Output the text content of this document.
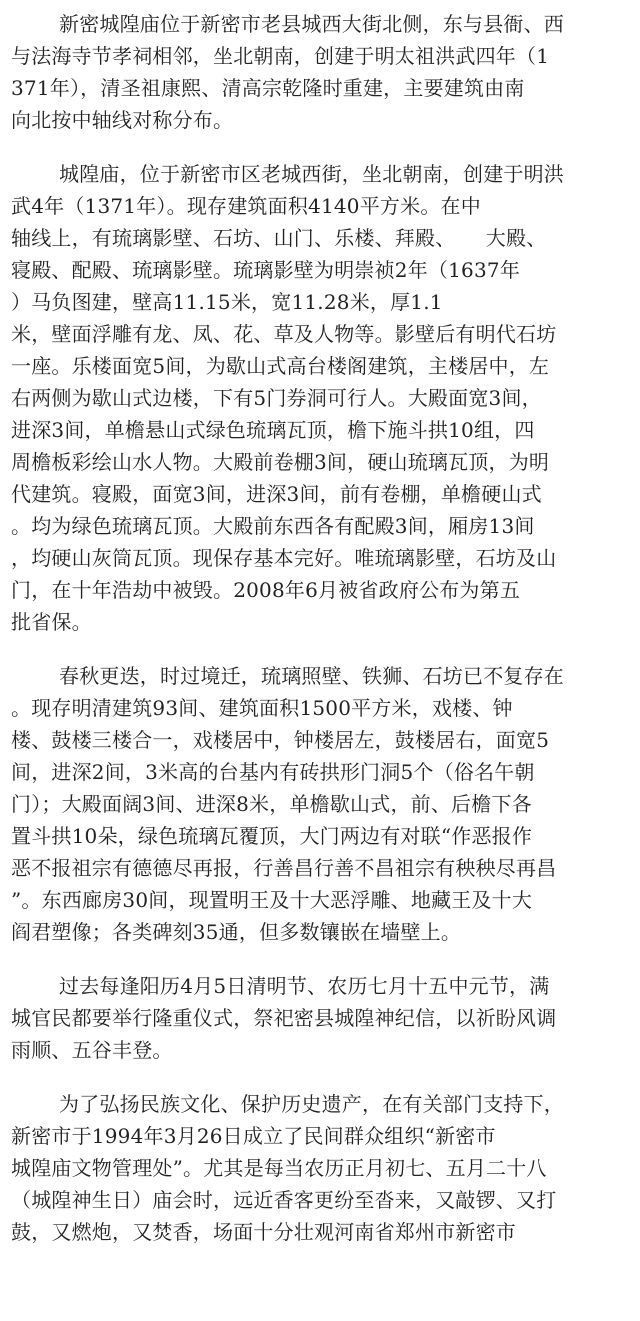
新密城隍庙位于新密市老县城西大街北侧，东与县衙、西
与法海寺节孝祠相邻，坐北朝南，创建于明太祖洪武四年（1
371年），清圣祖康熙、清高宗乾隆时重建，主要建筑由南
向北按中轴线对称分布。
城隍庙，位于新密市区老城西街，坐北朝南，创建于明洪
武4年（1371年）。现存建筑面积4140平方米。在中
轴线上，有琉璃影壁、石坊、山门、乐楼、拜殿、　　大殿、
寝殿、配殿、琉璃影壁。琉璃影壁为明崇祯2年（1637年
）马负图建，壁高11.15米，宽11.28米，厚1.1
米，壁面浮雕有龙、凤、花、草及人物等。影壁后有明代石坊
一座。乐楼面宽5间，为歇山式高台楼阁建筑，主楼居中，左
右两侧为歇山式边楼，下有5门券洞可行人。大殿面宽3间，
进深3间，单檐悬山式绿色琉璃瓦顶，檐下施斗拱10组，四
周檐板彩绘山水人物。大殿前卷棚3间，硬山琉璃瓦顶，为明
代建筑。寝殿，面宽3间，进深3间，前有卷棚，单檐硬山式
。均为绿色琉璃瓦顶。大殿前东西各有配殿3间，厢房13间
，均硬山灰筒瓦顶。现保存基本完好。唯琉璃影壁，石坊及山
门，在十年浩劫中被毁。2008年6月被省政府公布为第五
批省保。
春秋更迭，时过境迁，琉璃照壁、铁狮、石坊已不复存在
。现存明清建筑93间、建筑面积1500平方米，戏楼、钟
楼、鼓楼三楼合一，戏楼居中，钟楼居左，鼓楼居右，面宽5
间，进深2间，3米高的台基内有砖拱形门洞5个（俗名午朝
门）；大殿面阔3间、进深8米，单檐歇山式，前、后檐下各
置斗拱10朵，绿色琉璃瓦覆顶，大门两边有对联“作恶报作
恶不报祖宗有德德尽再报，行善昌行善不昌祖宗有秧秧尽再昌
”。东西廊房30间，现置明王及十大恶浮雕、地藏王及十大
阎君塑像；各类碑刻35通，但多数镶嵌在墙壁上。
过去每逢阳历4月5日清明节、农历七月十五中元节，满
城官民都要举行隆重仪式，祭祀密县城隍神纪信，以祈盼风调
雨顺、五谷丰登。
为了弘扬民族文化、保护历史遗产，在有关部门支持下，
新密市于1994年3月26日成立了民间群众组织“新密市
城隍庙文物管理处”。尤其是每当农历正月初七、五月二十八
（城隍神生日）庙会时，远近香客更纷至沓来，又敲锣、又打
鼓，又燃炮，又焚香，场面十分壮观河南省郑州市新密市
